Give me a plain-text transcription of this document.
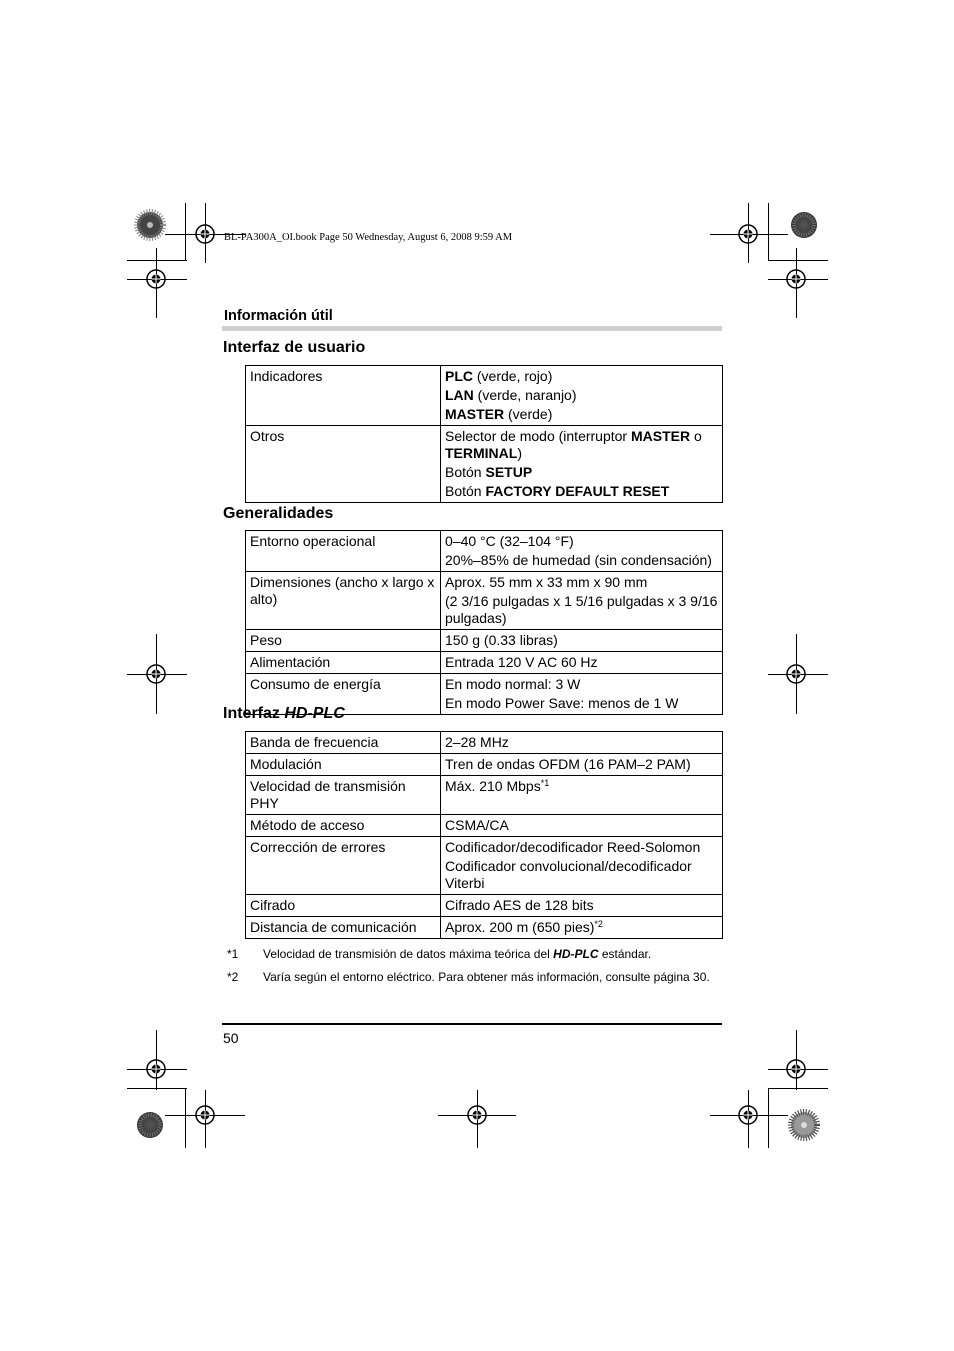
BL-PA300A_OI.book Page 50 Wednesday, August 6, 2008 9:59 AM
Información útil
Interfaz de usuario
Indicadores	PLC (verde, rojo)
LAN (verde, naranjo)
MASTER (verde)

Otros	Selector de modo (interruptor MASTER o TERMINAL)
Botón SETUP
Botón FACTORY DEFAULT RESET
Generalidades
Entorno operacional	0–40 °C (32–104 °F)
20%–85% de humedad (sin condensación)

Dimensiones (ancho x largo x alto)	Aprox. 55 mm x 33 mm x 90 mm
(2 3/16 pulgadas x 1 5/16 pulgadas x 3 9/16 pulgadas)

Peso	150 g (0.33 libras)

Alimentación	Entrada 120 V AC 60 Hz

Consumo de energía	En modo normal: 3 W
En modo Power Save: menos de 1 W
Interfaz HD-PLC
Banda de frecuencia	2–28 MHz

Modulación	Tren de ondas OFDM (16 PAM–2 PAM)

Velocidad de transmisión PHY	Máx. 210 Mbps$^{*1}$

Método de acceso	CSMA/CA

Corrección de errores	Codificador/decodificador Reed-Solomon
Codificador convolucional/decodificador Viterbi

Cifrado	Cifrado AES de 128 bits

Distancia de comunicación	Aprox. 200 m (650 pies)$^{*2}$
*1 Velocidad de transmisión de datos máxima teórica del HD-PLC estándar.
*2 Varía según el entorno eléctrico. Para obtener más información, consulte página 30.
50
